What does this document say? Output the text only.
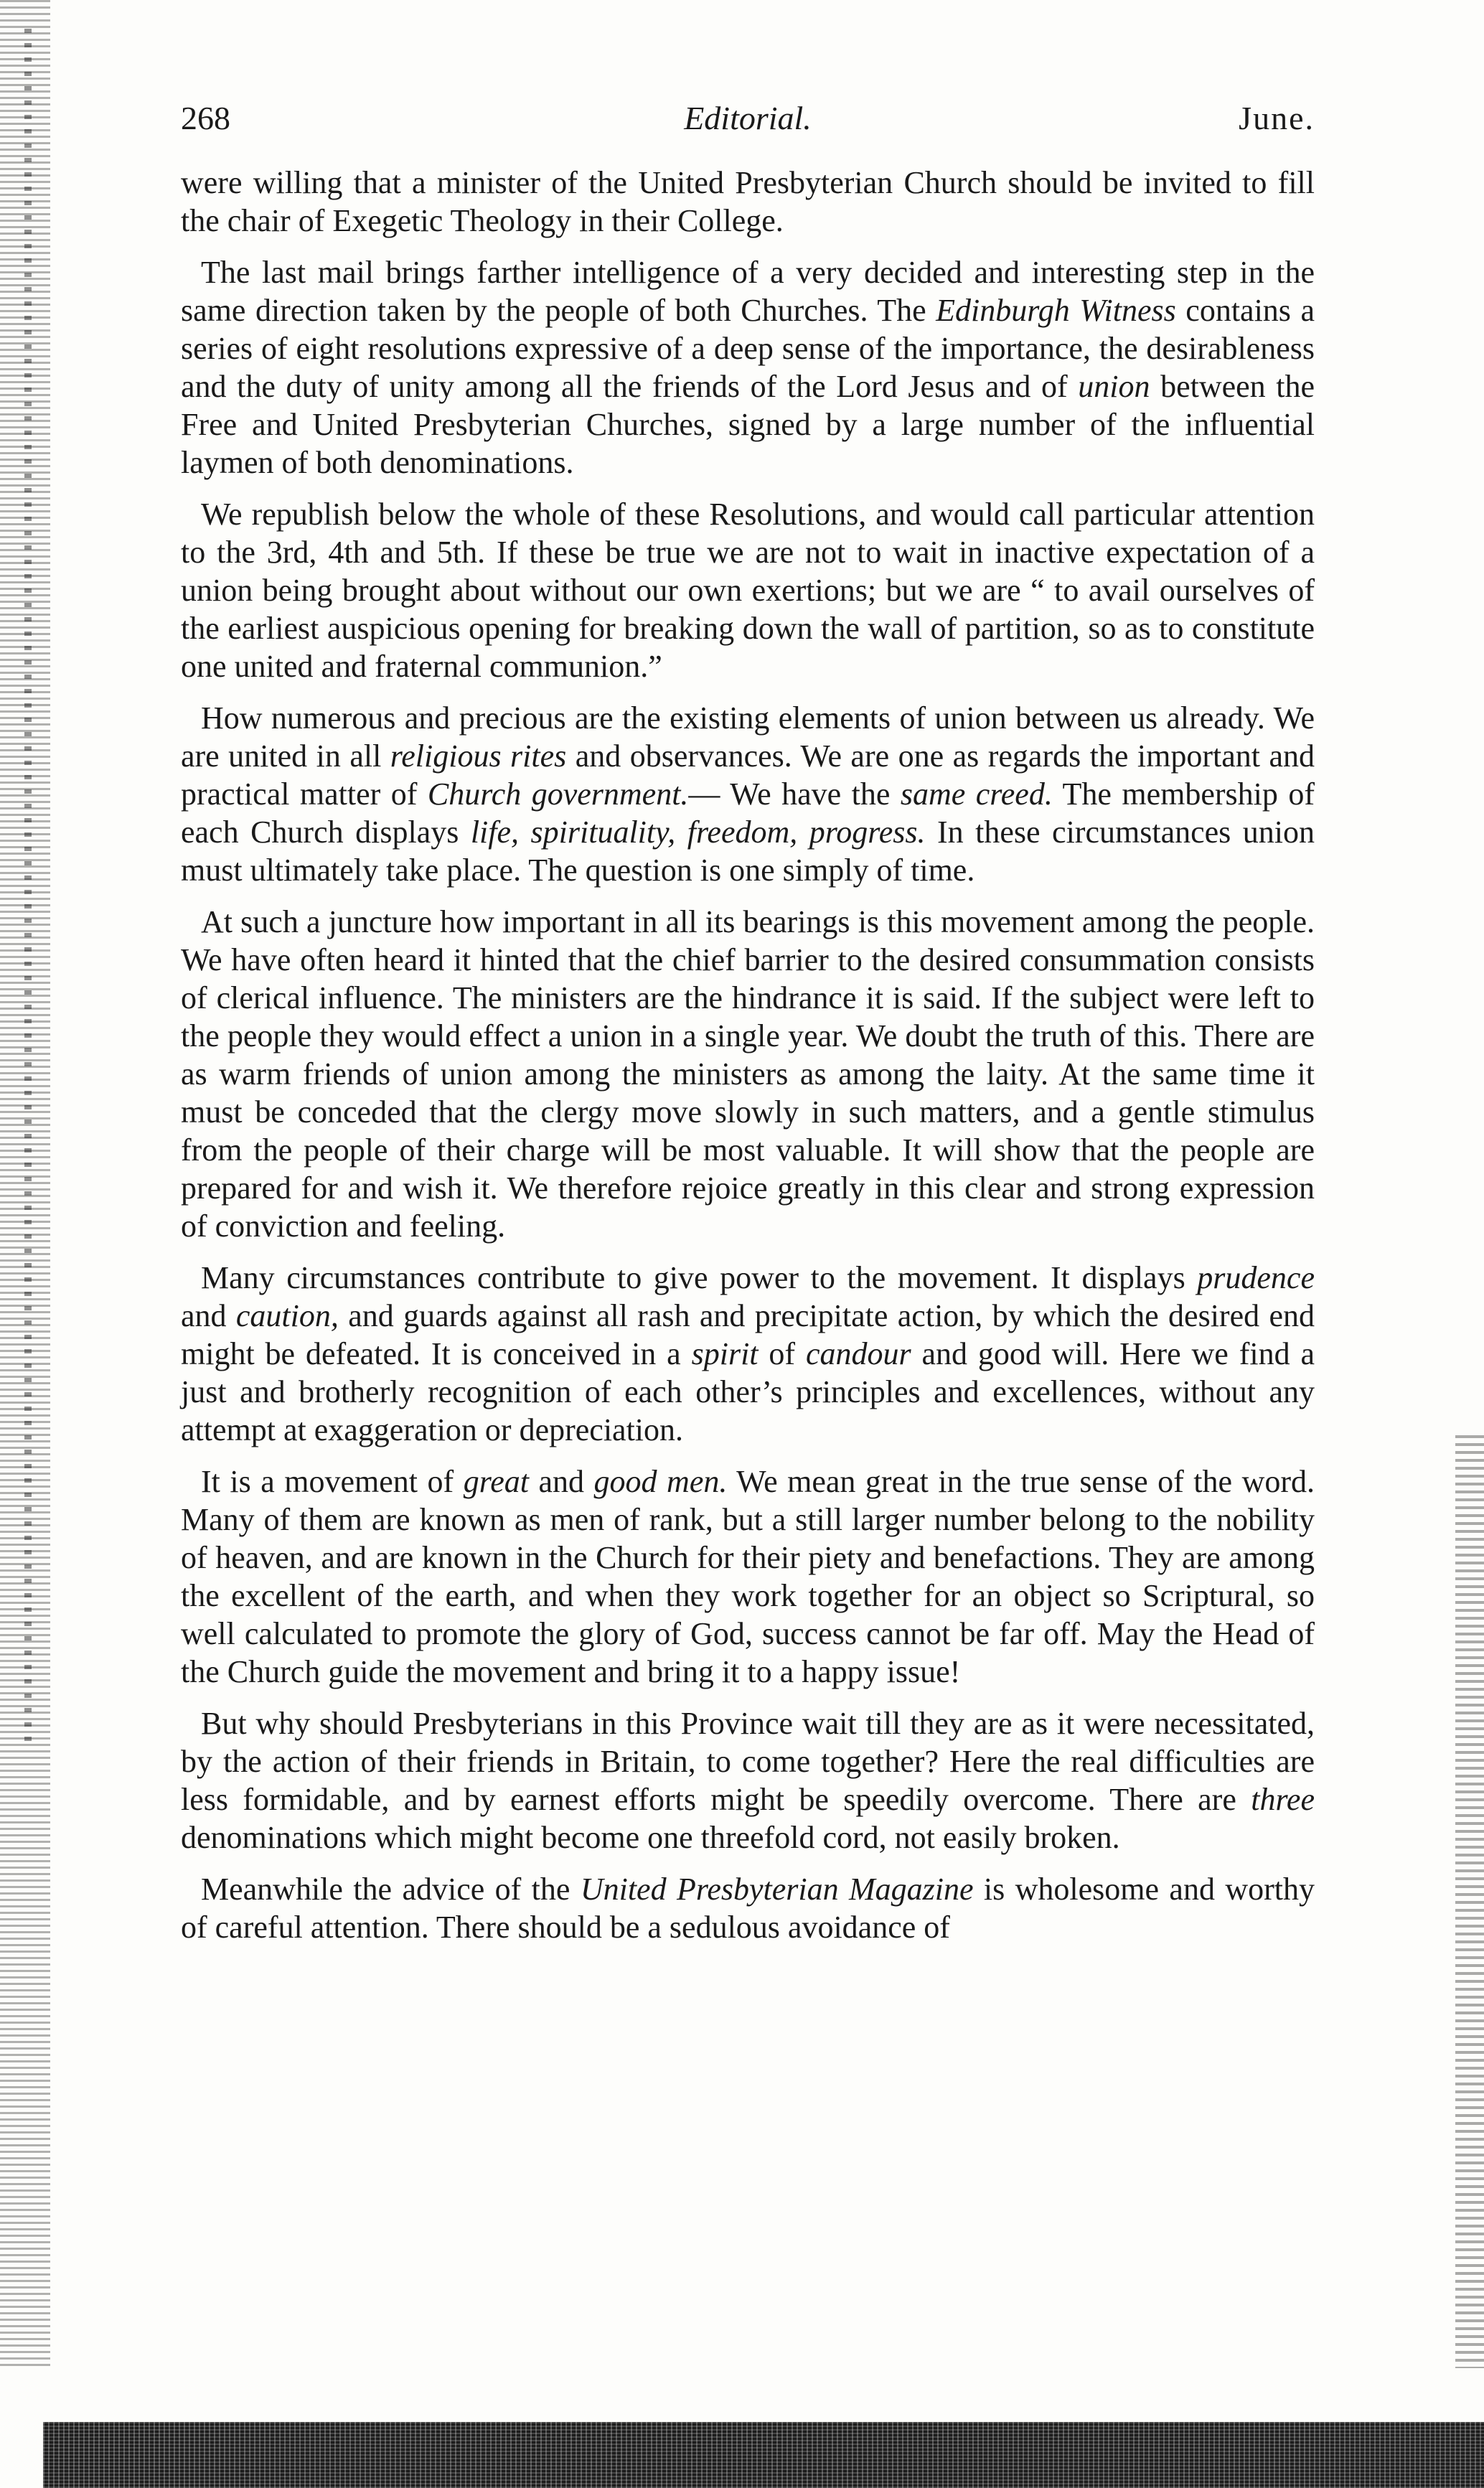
268	Editorial.	June.

were willing that a minister of the United Presbyterian Church should be invited to fill the chair of Exegetic Theology in their College.

The last mail brings farther intelligence of a very decided and interesting step in the same direction taken by the people of both Churches. The Edinburgh Witness contains a series of eight resolutions expressive of a deep sense of the importance, the desirableness and the duty of unity among all the friends of the Lord Jesus and of union between the Free and United Presbyterian Churches, signed by a large number of the influential laymen of both denominations.

We republish below the whole of these Resolutions, and would call particular attention to the 3rd, 4th and 5th. If these be true we are not to wait in inactive expectation of a union being brought about without our own exertions; but we are “ to avail ourselves of the earliest auspicious opening for breaking down the wall of partition, so as to constitute one united and fraternal communion.”

How numerous and precious are the existing elements of union between us already. We are united in all religious rites and observances. We are one as regards the important and practical matter of Church government.— We have the same creed. The membership of each Church displays life, spirituality, freedom, progress. In these circumstances union must ultimately take place. The question is one simply of time.

At such a juncture how important in all its bearings is this movement among the people. We have often heard it hinted that the chief barrier to the desired consummation consists of clerical influence. The ministers are the hindrance it is said. If the subject were left to the people they would effect a union in a single year. We doubt the truth of this. There are as warm friends of union among the ministers as among the laity. At the same time it must be conceded that the clergy move slowly in such matters, and a gentle stimulus from the people of their charge will be most valuable. It will show that the people are prepared for and wish it. We therefore rejoice greatly in this clear and strong expression of conviction and feeling.

Many circumstances contribute to give power to the movement. It displays prudence and caution, and guards against all rash and precipitate action, by which the desired end might be defeated. It is conceived in a spirit of candour and good will. Here we find a just and brotherly recognition of each other’s principles and excellences, without any attempt at exaggeration or depreciation.

It is a movement of great and good men. We mean great in the true sense of the word. Many of them are known as men of rank, but a still larger number belong to the nobility of heaven, and are known in the Church for their piety and benefactions. They are among the excellent of the earth, and when they work together for an object so Scriptural, so well calculated to promote the glory of God, success cannot be far off. May the Head of the Church guide the movement and bring it to a happy issue!

But why should Presbyterians in this Province wait till they are as it were necessitated, by the action of their friends in Britain, to come together? Here the real difficulties are less formidable, and by earnest efforts might be speedily overcome. There are three denominations which might become one threefold cord, not easily broken.

Meanwhile the advice of the United Presbyterian Magazine is wholesome and worthy of careful attention. There should be a sedulous avoidance of
